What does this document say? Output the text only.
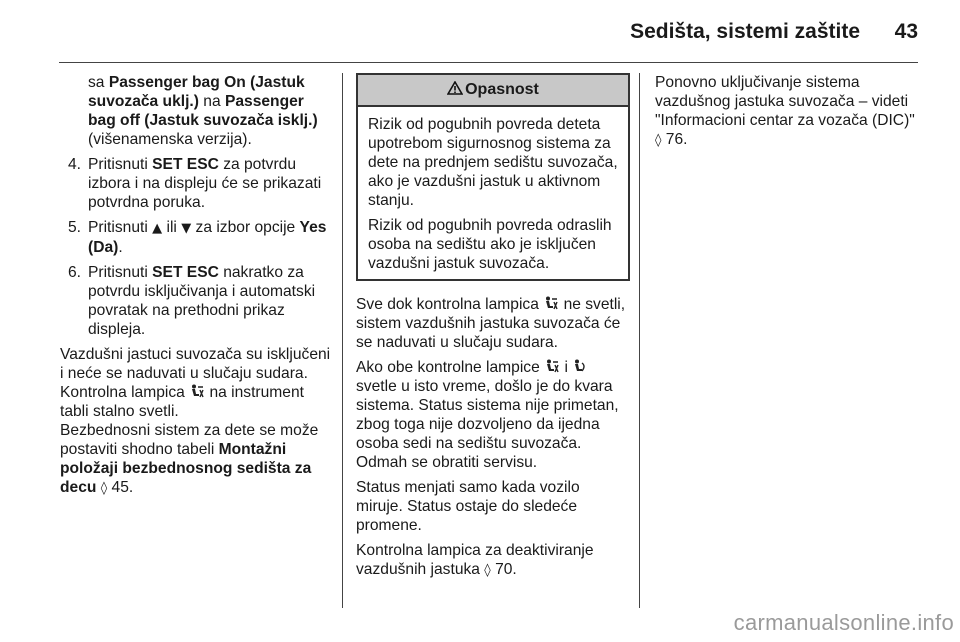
Sedišta, sistemi zaštite 43

sa Passenger bag On (Jastuk suvozača uklj.) na Passenger bag off (Jastuk suvozača isklj.)
(višenamenska verzija).

4. Pritisnuti SET ESC za potvrdu izbora i na displeju će se prikazati potvrdna poruka.
5. Pritisnuti ▲ ili ▼ za izbor opcije Yes (Da).
6. Pritisnuti SET ESC nakratko za potvrdu isključivanja i automatski povratak na prethodni prikaz displeja.

Vazdušni jastuci suvozača su isključeni i neće se naduvati u slučaju sudara. Kontrolna lampica  na instrument tabli stalno svetli.

Bezbednosni sistem za dete se može postaviti shodno tabeli Montažni položaji bezbednosnog sedišta za decu ◊ 45.

Opasnost

Rizik od pogubnih povreda deteta upotrebom sigurnosnog sistema za dete na prednjem sedištu suvozača, ako je vazdušni jastuk u aktivnom stanju.

Rizik od pogubnih povreda odraslih osoba na sedištu ako je isključen vazdušni jastuk suvozača.

Sve dok kontrolna lampica  ne svetli, sistem vazdušnih jastuka suvozača će se naduvati u slučaju sudara.

Ako obe kontrolne lampice  i  svetle u isto vreme, došlo je do kvara sistema. Status sistema nije primetan, zbog toga nije dozvoljeno da ijedna osoba sedi na sedištu suvozača. Odmah se obratiti servisu.

Status menjati samo kada vozilo miruje. Status ostaje do sledeće promene.

Kontrolna lampica za deaktiviranje vazdušnih jastuka ◊ 70.

Ponovno uključivanje sistema vazdušnog jastuka suvozača – videti "Informacioni centar za vozača (DIC)" ◊ 76.

carmanualsonline.info
